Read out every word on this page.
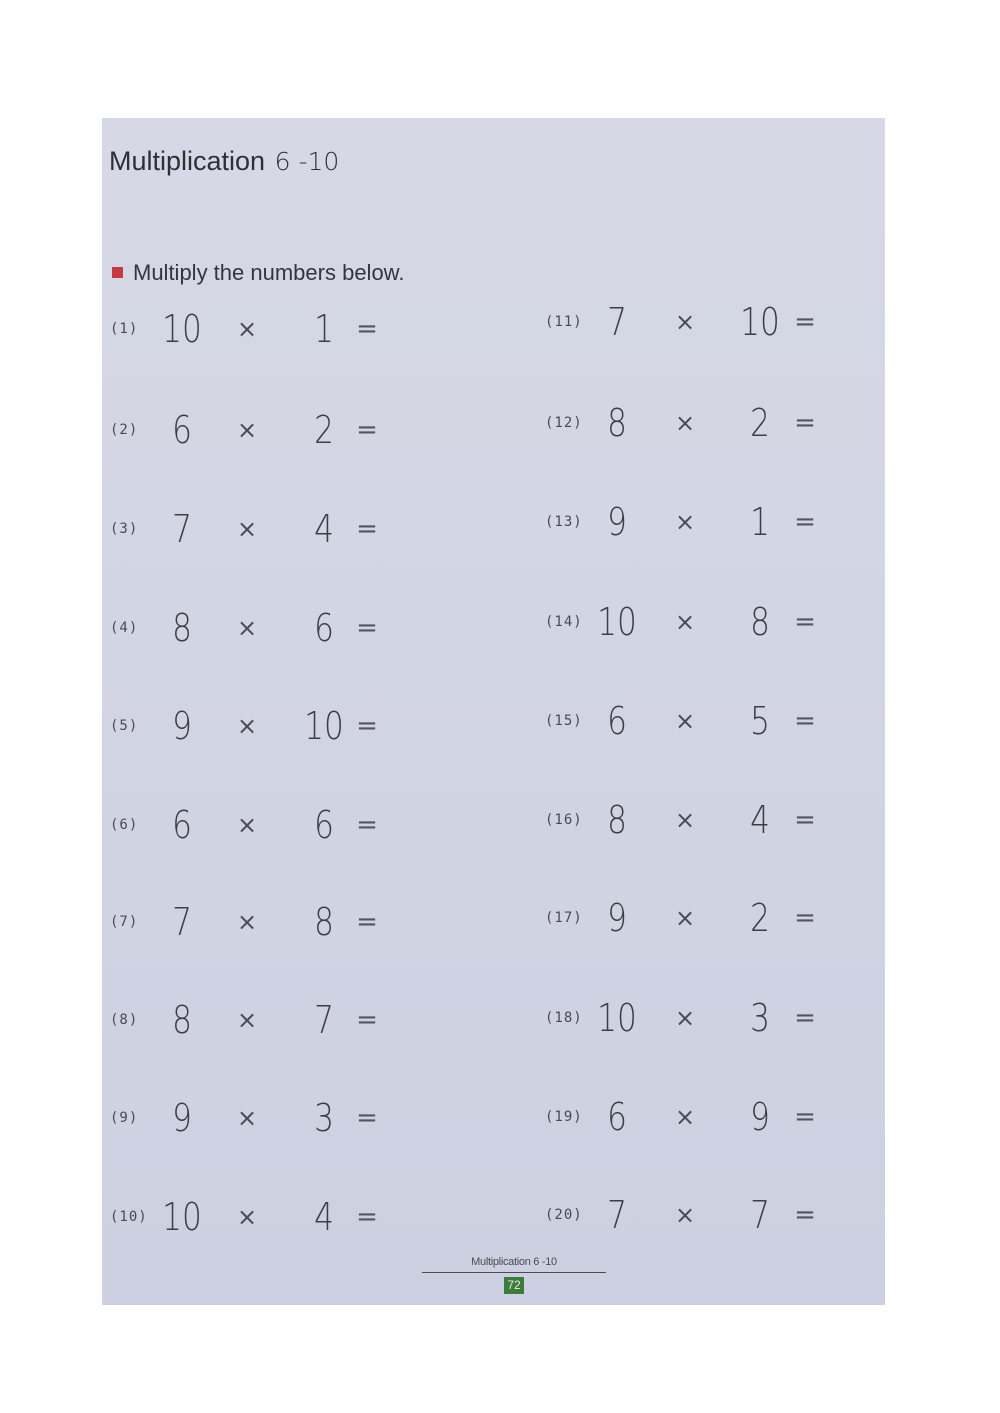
Multiplication 6 -10
Multiply the numbers below.
(1) 10 ×	1 =
(2) 6	×	2 =
(3) 7	×	4 =
(4) 8	×	6 =
(5) 9	× 10 =
(6) 6	×	6 =
(7) 7	×	8 =
(8) 8	×	7 =
(9) 9	×	3 =
(10) 10 ×	4 =
(11) 7	× 10 =
(12) 8	×	2 =
(13) 9	×	1 =
(14) 10 ×	8 =
(15) 6	×	5 =
(16) 8	×	4 =
(17) 9	×	2 =
(18) 10 ×	3 =
(19) 6	×	9 =
(20) 7	×	7 =
Multiplication 6 -10
72
